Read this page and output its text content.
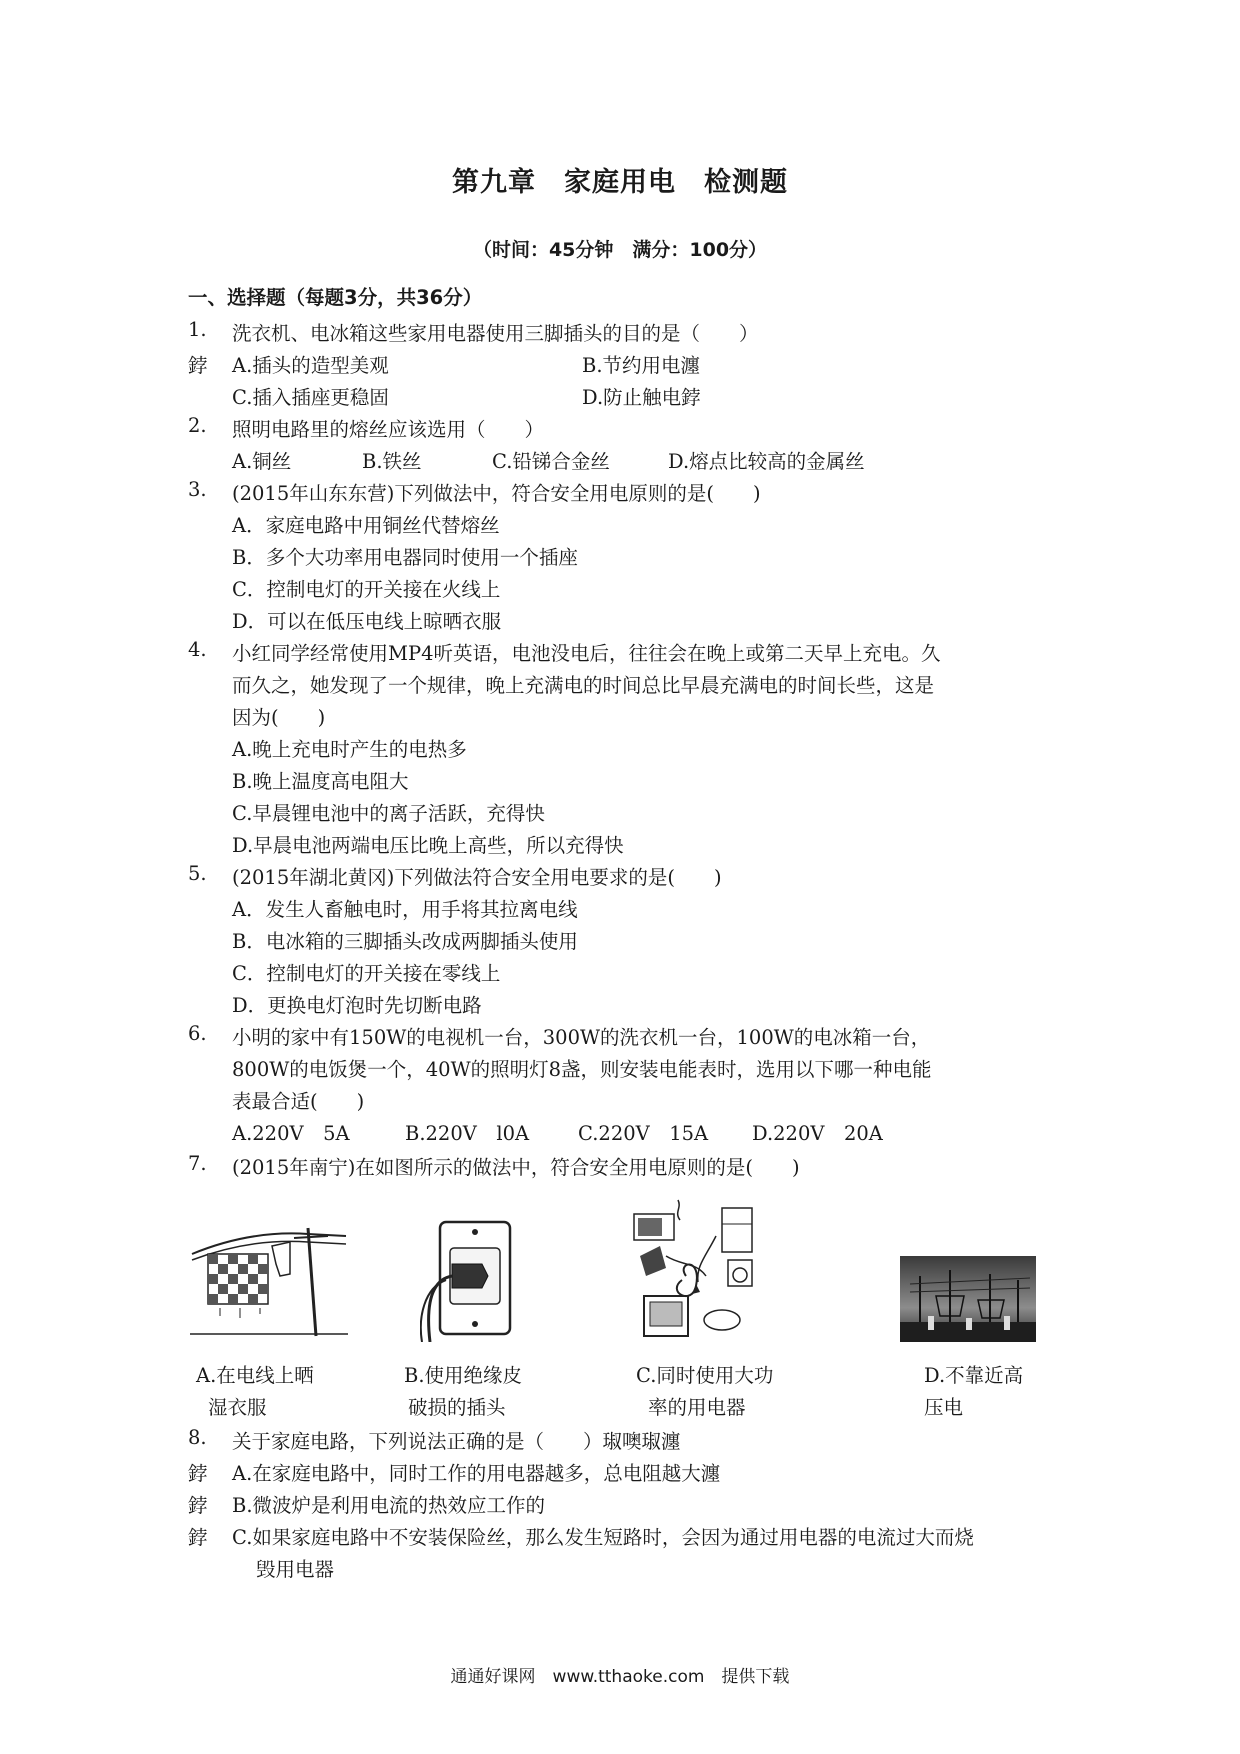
第九章　家庭用电　检测题
（时间：45分钟　满分：100分）
一、选择题（每题3分，共36分）
1. 洗衣机、电冰箱这些家用电器使用三脚插头的目的是（　　）
鋍 A.插头的造型美观	B.节约用电瀍
C.插入插座更稳固	D.防止触电鋍
2. 照明电路里的熔丝应该选用（　　）
A.铜丝	B.铁丝	C.铅锑合金丝	D.熔点比较高的金属丝
3. (2015年山东东营)下列做法中，符合安全用电原则的是(　　)
A．家庭电路中用铜丝代替熔丝
B．多个大功率用电器同时使用一个插座
C．控制电灯的开关接在火线上
D．可以在低压电线上晾晒衣服
4. 小红同学经常使用MP4听英语，电池没电后，往往会在晚上或第二天早上充电。久
而久之，她发现了一个规律，晚上充满电的时间总比早晨充满电的时间长些，这是
因为(　　)
A.晚上充电时产生的电热多
B.晚上温度高电阻大
C.早晨锂电池中的离子活跃，充得快
D.早晨电池两端电压比晚上高些，所以充得快
5. (2015年湖北黄冈)下列做法符合安全用电要求的是(　　)
A．发生人畜触电时，用手将其拉离电线
B．电冰箱的三脚插头改成两脚插头使用
C．控制电灯的开关接在零线上
D．更换电灯泡时先切断电路
6. 小明的家中有150W的电视机一台，300W的洗衣机一台，100W的电冰箱一台，
800W的电饭煲一个，40W的照明灯8盏，则安装电能表时，选用以下哪一种电能
表最合适(　　)
A.220V　5A	B.220V　l0A	C.220V　15A D.220V　20A
7. (2015年南宁)在如图所示的做法中，符合安全用电原则的是(　　)
A.在电线上晒
湿衣服
B.使用绝缘皮
破损的插头
C.同时使用大功
率的用电器
D.不靠近高
压电
8. 关于家庭电路，下列说法正确的是（　　）琡噢琡瀍
鋍 A.在家庭电路中，同时工作的用电器越多，总电阻越大瀍
鋍 B.微波炉是利用电流的热效应工作的
鋍 C.如果家庭电路中不安装保险丝，那么发生短路时，会因为通过用电器的电流过大而烧
毁用电器
通通好课网　www.tthaoke.com　提供下载
